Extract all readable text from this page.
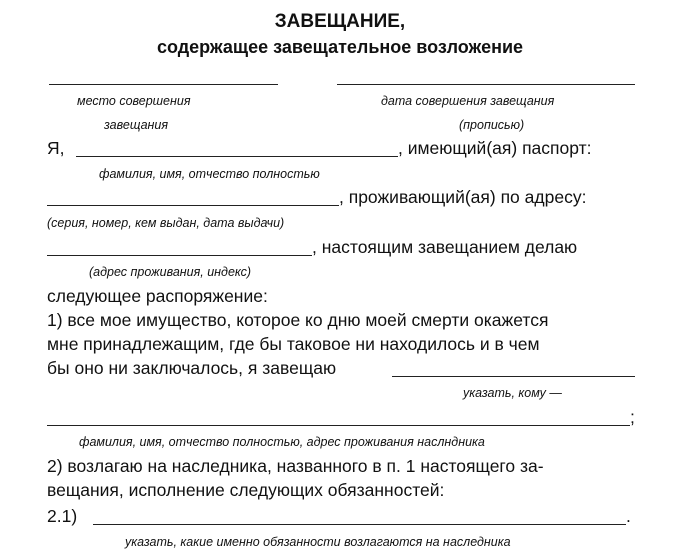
ЗАВЕЩАНИЕ,
содержащее завещательное возложение
место совершения
завещания
дата совершения завещания
(прописью)
Я,	, имеющий(ая) паспорт:
фамилия, имя, отчество полностью
, проживающий(ая) по адресу:
(серия, номер, кем выдан, дата выдачи)
, настоящим завещанием делаю
(адрес проживания, индекс)
следующее распоряжение:
1) все мое имущество, которое ко дню моей смерти окажется
мне принадлежащим, где бы таковое ни находилось и в чем
бы оно ни заключалось, я завещаю
указать, кому —
;
фамилия, имя, отчество полностью, адрес проживания наслндника
2) возлагаю на наследника, названного в п. 1 настоящего за-
вещания, исполнение следующих обязанностей:
2.1)	.
указать, какие именно обязанности возлагаются на наследника
